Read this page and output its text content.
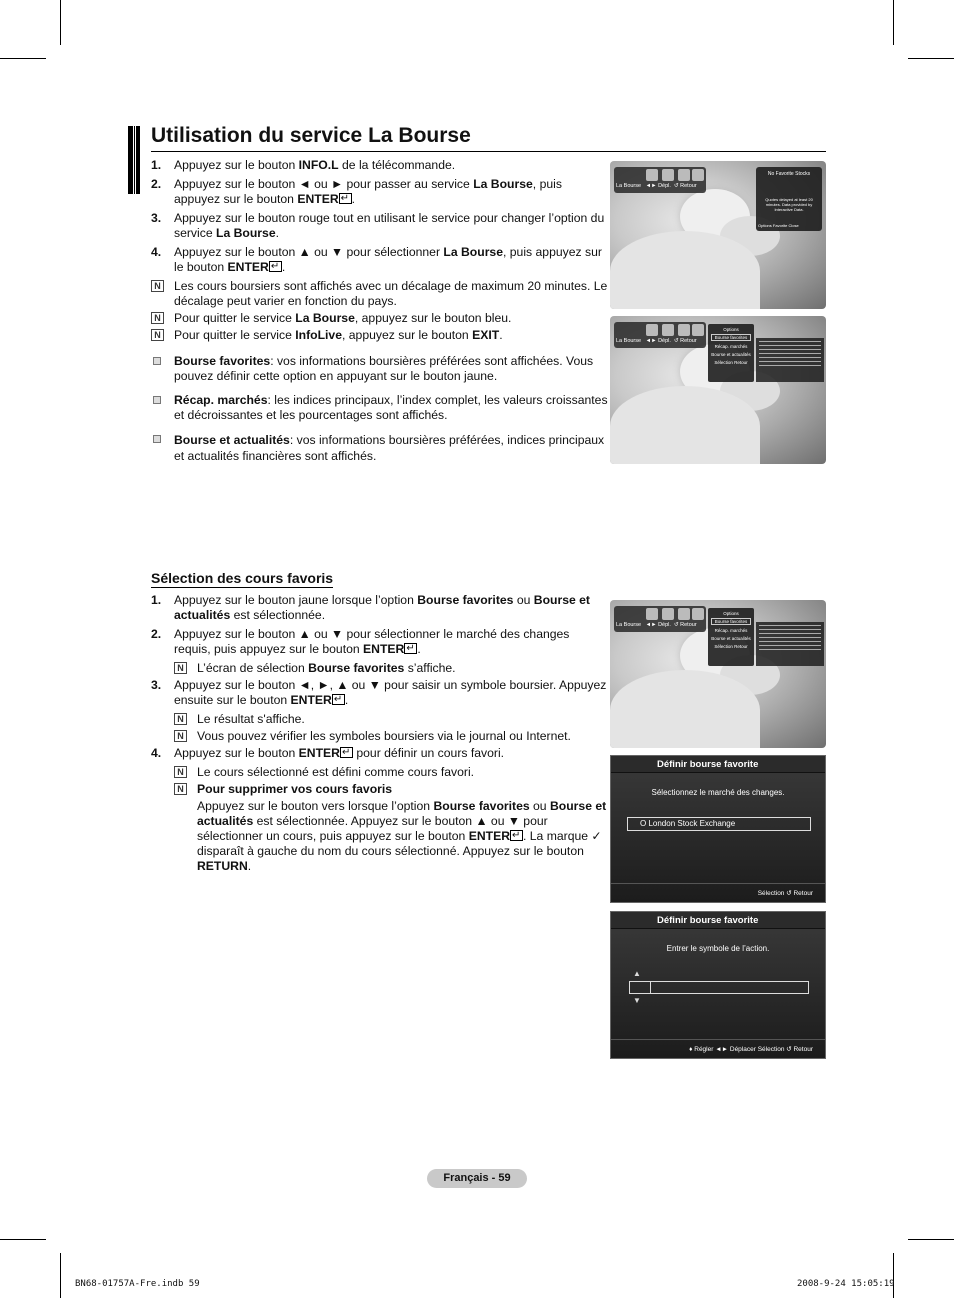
Utilisation du service La Bourse
1. Appuyez sur le bouton INFO.L de la télécommande.
2. Appuyez sur le bouton ◄ ou ► pour passer au service La Bourse, puis appuyez sur le bouton ENTER ↵ .
3. Appuyez sur le bouton rouge tout en utilisant le service pour changer l’option du service La Bourse.
4. Appuyez sur le bouton ▲ ou ▼ pour sélectionner La Bourse, puis appuyez sur le bouton ENTER ↵ .
N Les cours boursiers sont affichés avec un décalage de maximum 20 minutes. Le décalage peut varier en fonction du pays.
N Pour quitter le service La Bourse, appuyez sur le bouton bleu.
N Pour quitter le service InfoLive, appuyez sur le bouton EXIT.
Bourse favorites: vos informations boursières préférées sont affichées. Vous pouvez définir cette option en appuyant sur le bouton jaune.
Récap. marchés: les indices principaux, l’index complet, les valeurs croissantes et décroissantes et les pourcentages sont affichés.
Bourse et actualités: vos informations boursières préférées, indices principaux et actualités financières sont affichés.
La Bourse ◄► Dépl. ↺ Retour
No Favorite Stocks
Quotes delayed at least 20 minutes. Data provided by Interactive Data.
Options Favorite Close
La Bourse ◄► Dépl. ↺ Retour
Options
Bourse favorites
Récap. marchés
Bourse et actualités
Sélection Retour
Sélection des cours favoris
1. Appuyez sur le bouton jaune lorsque l’option Bourse favorites ou Bourse et actualités est sélectionnée.
2. Appuyez sur le bouton ▲ ou ▼ pour sélectionner le marché des changes requis, puis appuyez sur le bouton ENTER ↵ .
N L’écran de sélection Bourse favorites s’affiche.
3. Appuyez sur le bouton ◄, ►, ▲ ou ▼ pour saisir un symbole boursier. Appuyez ensuite sur le bouton ENTER ↵ .
N Le résultat s'affiche.
N Vous pouvez vérifier les symboles boursiers via le journal ou Internet.
4. Appuyez sur le bouton ENTER↵ pour définir un cours favori.
N Le cours sélectionné est défini comme cours favori.
N Pour supprimer vos cours favoris
Appuyez sur le bouton vers lorsque l’option Bourse favorites ou Bourse et actualités est sélectionnée. Appuyez sur le bouton ▲ ou ▼ pour sélectionner un cours, puis appuyez sur le bouton ENTER ↵ . La marque ✓ disparaît à gauche du nom du cours sélectionné. Appuyez sur le bouton RETURN.
La Bourse ◄► Dépl. ↺ Retour
Options
Bourse favorites
Récap. marchés
Bourse et actualités
Sélection Retour
Définir bourse favorite
Sélectionnez le marché des changes.
O London Stock Exchange
Sélection ↺ Retour
Définir bourse favorite
Entrer le symbole de l’action.
▲
▼
♦ Régler ◄► Déplacer Sélection ↺ Retour
Français - 59
BN68-01757A-Fre.indb 59	2008-9-24 15:05:19
